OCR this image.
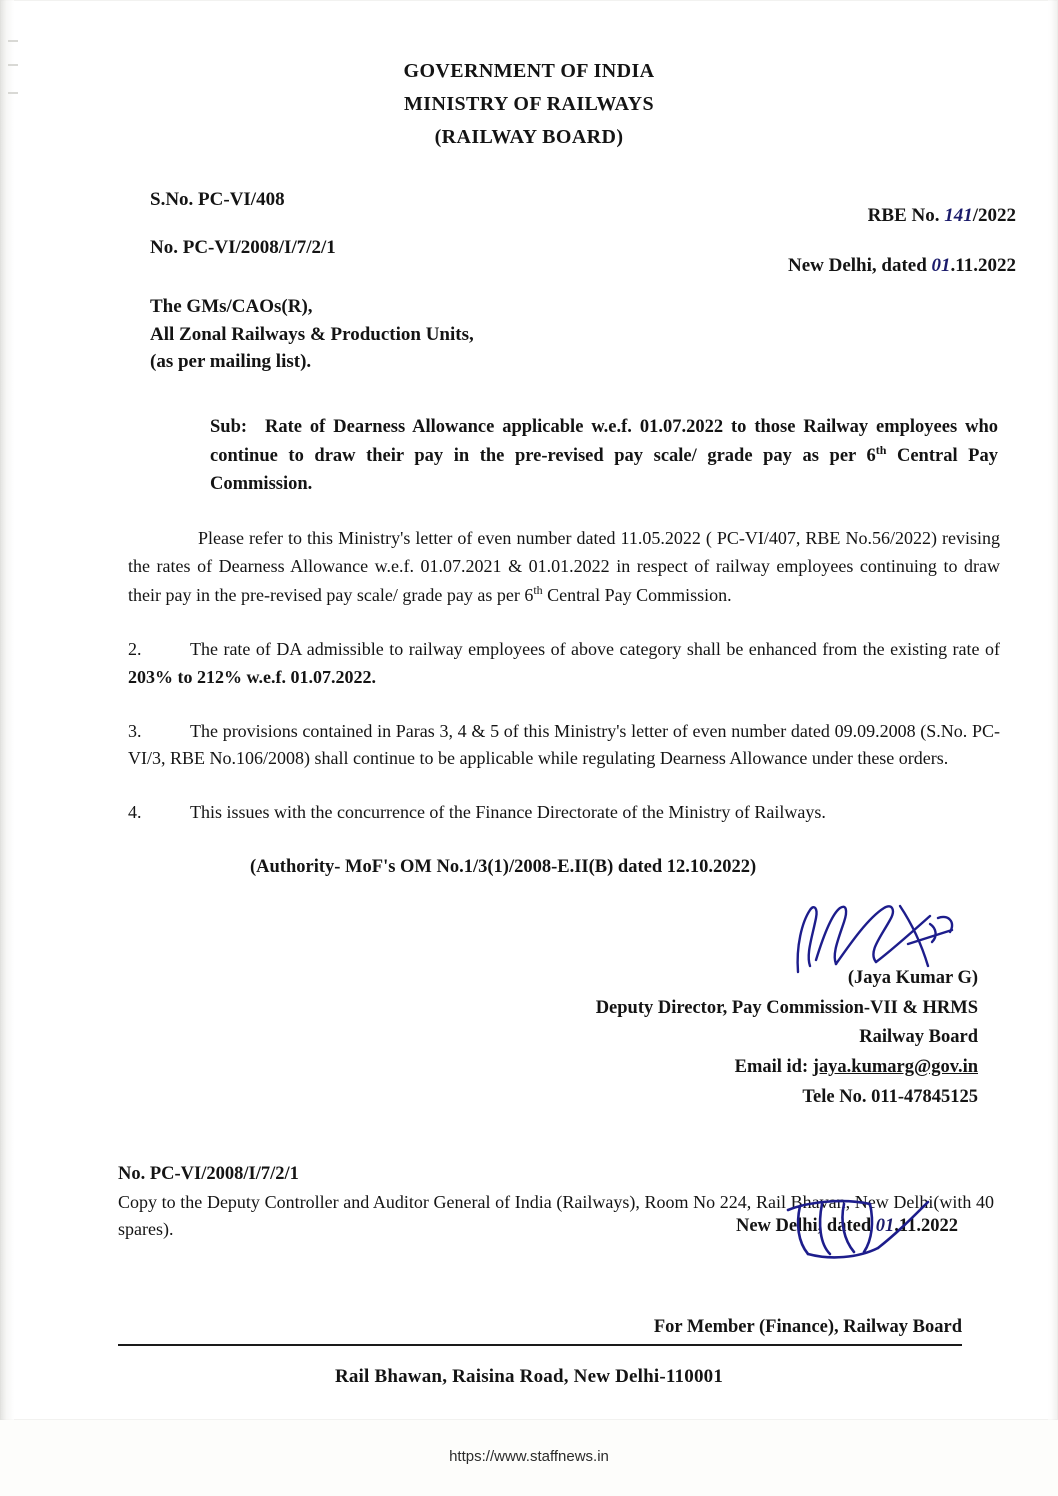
GOVERNMENT OF INDIA
MINISTRY OF RAILWAYS
(RAILWAY BOARD)
S.No. PC-VI/408
RBE No. 141/2022
No. PC-VI/2008/I/7/2/1
New Delhi, dated 01.11.2022
The GMs/CAOs(R),
All Zonal Railways & Production Units,
(as per mailing list).
Sub: Rate of Dearness Allowance applicable w.e.f. 01.07.2022 to those Railway employees who continue to draw their pay in the pre-revised pay scale/ grade pay as per 6th Central Pay Commission.
Please refer to this Ministry's letter of even number dated 11.05.2022 ( PC-VI/407, RBE No.56/2022) revising the rates of Dearness Allowance w.e.f. 01.07.2021 & 01.01.2022 in respect of railway employees continuing to draw their pay in the pre-revised pay scale/ grade pay as per 6th Central Pay Commission.
2.	The rate of DA admissible to railway employees of above category shall be enhanced from the existing rate of 203% to 212% w.e.f. 01.07.2022.
3.	The provisions contained in Paras 3, 4 & 5 of this Ministry's letter of even number dated 09.09.2008 (S.No. PC-VI/3, RBE No.106/2008) shall continue to be applicable while regulating Dearness Allowance under these orders.
4.	This issues with the concurrence of the Finance Directorate of the Ministry of Railways.
(Authority- MoF's OM No.1/3(1)/2008-E.II(B) dated 12.10.2022)
(Jaya Kumar G)
Deputy Director, Pay Commission-VII & HRMS
Railway Board
Email id: jaya.kumarg@gov.in
Tele No. 011-47845125
No. PC-VI/2008/I/7/2/1
New Delhi, dated 01.11.2022
Copy to the Deputy Controller and Auditor General of India (Railways), Room No 224, Rail Bhavan, New Delhi(with 40 spares).
For Member (Finance), Railway Board
Rail Bhawan, Raisina Road, New Delhi-110001
https://www.staffnews.in
